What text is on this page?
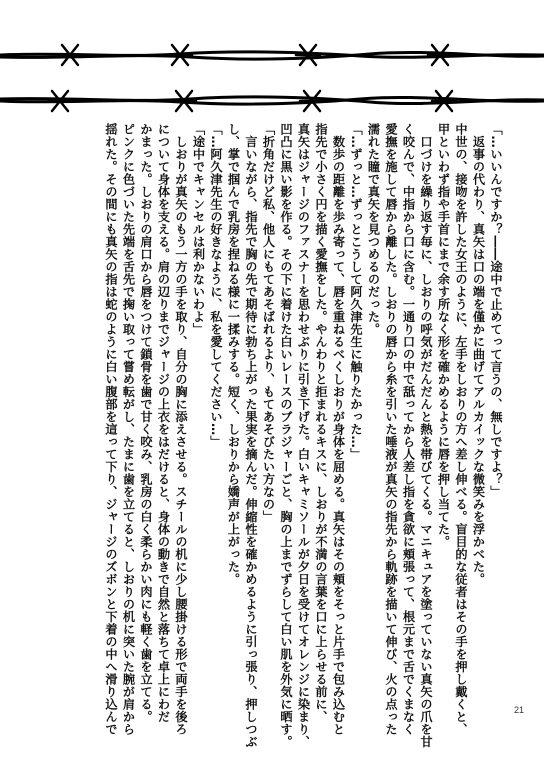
「…いいんですか？――途中で止めてって言うの、無しですよ？」
　返事の代わり、真矢は口の端を僅かに曲げてアルカイックな微笑みを浮かべた。
中世の、接吻を許した女王のように、左手をしおりの方へ差し伸べる。盲目的な従者はその手を押し戴くと、
甲といわず指や手首にまで余す所なく形を確かめるように唇を押し当てた。
　口づけを繰り返す毎に、しおりの呼気がだんだんと熱を帯びてくる。マニキュアを塗っていない真矢の爪を甘
く咬んで、中指から口に含む。一通り口の中で舐ってから人差し指を貪欲に頬張って、根元まで舌でくまなく
愛撫を施して唇から離した。しおりの唇から糸を引いた唾液が真矢の指先から軌跡を描いて伸び、火の点った
濡れた瞳で真矢を見つめるのだった。
「…ずっと…ずっとこうして阿久津先生に触りたかった…」
　数歩の距離を歩み寄って、唇を重ねるべくしおりが身体を屈める。真矢はその頬をそっと片手で包み込むと
指先で小さく円を描く愛撫をした。やんわりと拒まれるキスに、しおりが不満の言葉を口に上らせる前に、
真矢はジャージのファスナーを思わせぶりに引き下げた。白いキャミソールが夕日を受けてオレンジに染まり、
凹凸に黒い影を作る。その下に着けた白いレースのブラジャーごと、胸の上までずらして白い肌を外気に晒す。
「折角だけど私、他人にもてあそばれるより、もてあそびたい方なの」
　言いながら、指先で胸の先で期待に勃ち上がった果実を摘んだ。伸縮性を確かめるように引っ張り、押しつぶ
し、掌で掴んで乳房を捏ねる様に一揉みする。短く、しおりから嬌声が上がった。
「…阿久津先生の好きなように、私を愛してください…」
「途中でキャンセルは利かないわよ」
　しおりが真矢のもう一方の手を取り、自分の胸に添えさせる。スチールの机に少し腰掛ける形で両手を後ろ
について身体を支える。肩の辺りまでジャージの上衣をはだけると、身体の動きで自然と落ちて卓上にわだ
かまった。しおりの肩口から唇をつけて鎖骨を歯で甘く咬み、乳房の白く柔らかい肉にも軽く歯を立てる。
ピンクに色づいた先端を舌先で掬い取って嘗め転がし、たまに歯を立てると、しおりの机に突いた腕が肩から
揺れた。その間にも真矢の指は蛇のように白い腹部を這って下り、ジャージのズボンと下着の中へ滑り込んで	21
